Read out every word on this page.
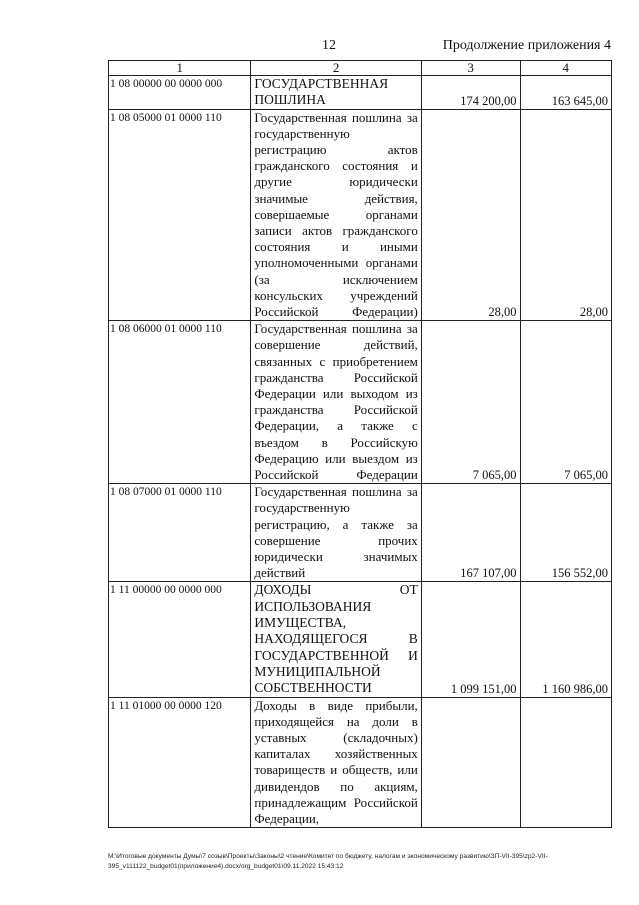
12	Продолжение приложения 4
1	2	3	4
1 08 00000 00 0000 000	ГОСУДАРСТВЕННАЯ ПОШЛИНА	174 200,00	163 645,00
1 08 05000 01 0000 110	Государственная пошлина за государственную регистрацию актов гражданского состояния и другие юридически значимые действия, совершаемые органами записи актов гражданского состояния и иными уполномоченными органами (за исключением консульских учреждений Российской Федерации)	28,00	28,00
1 08 06000 01 0000 110	Государственная пошлина за совершение действий, связанных с приобретением гражданства Российской Федерации или выходом из гражданства Российской Федерации, а также с въездом в Российскую Федерацию или выездом из Российской Федерации	7 065,00	7 065,00
1 08 07000 01 0000 110	Государственная пошлина за государственную регистрацию, а также за совершение прочих юридически значимых действий	167 107,00	156 552,00
1 11 00000 00 0000 000	ДОХОДЫ ОТ ИСПОЛЬЗОВАНИЯ ИМУЩЕСТВА, НАХОДЯЩЕГОСЯ В ГОСУДАРСТВЕННОЙ И МУНИЦИПАЛЬНОЙ СОБСТВЕННОСТИ	1 099 151,00	1 160 986,00
1 11 01000 00 0000 120	Доходы в виде прибыли, приходящейся на доли в уставных (складочных) капиталах хозяйственных товариществ и обществ, или дивидендов по акциям, принадлежащим Российской Федерации,		
M:\Итоговые документы Думы\7 созыв\Проекты\Законы\2 чтение\Комитет по бюджету, налогам и экономическому развитию\ЗП-VII-395\zp2-VII-395_v111122_budget01(приложение4).docx/org_budget01\09.11.2022 15:43:12
